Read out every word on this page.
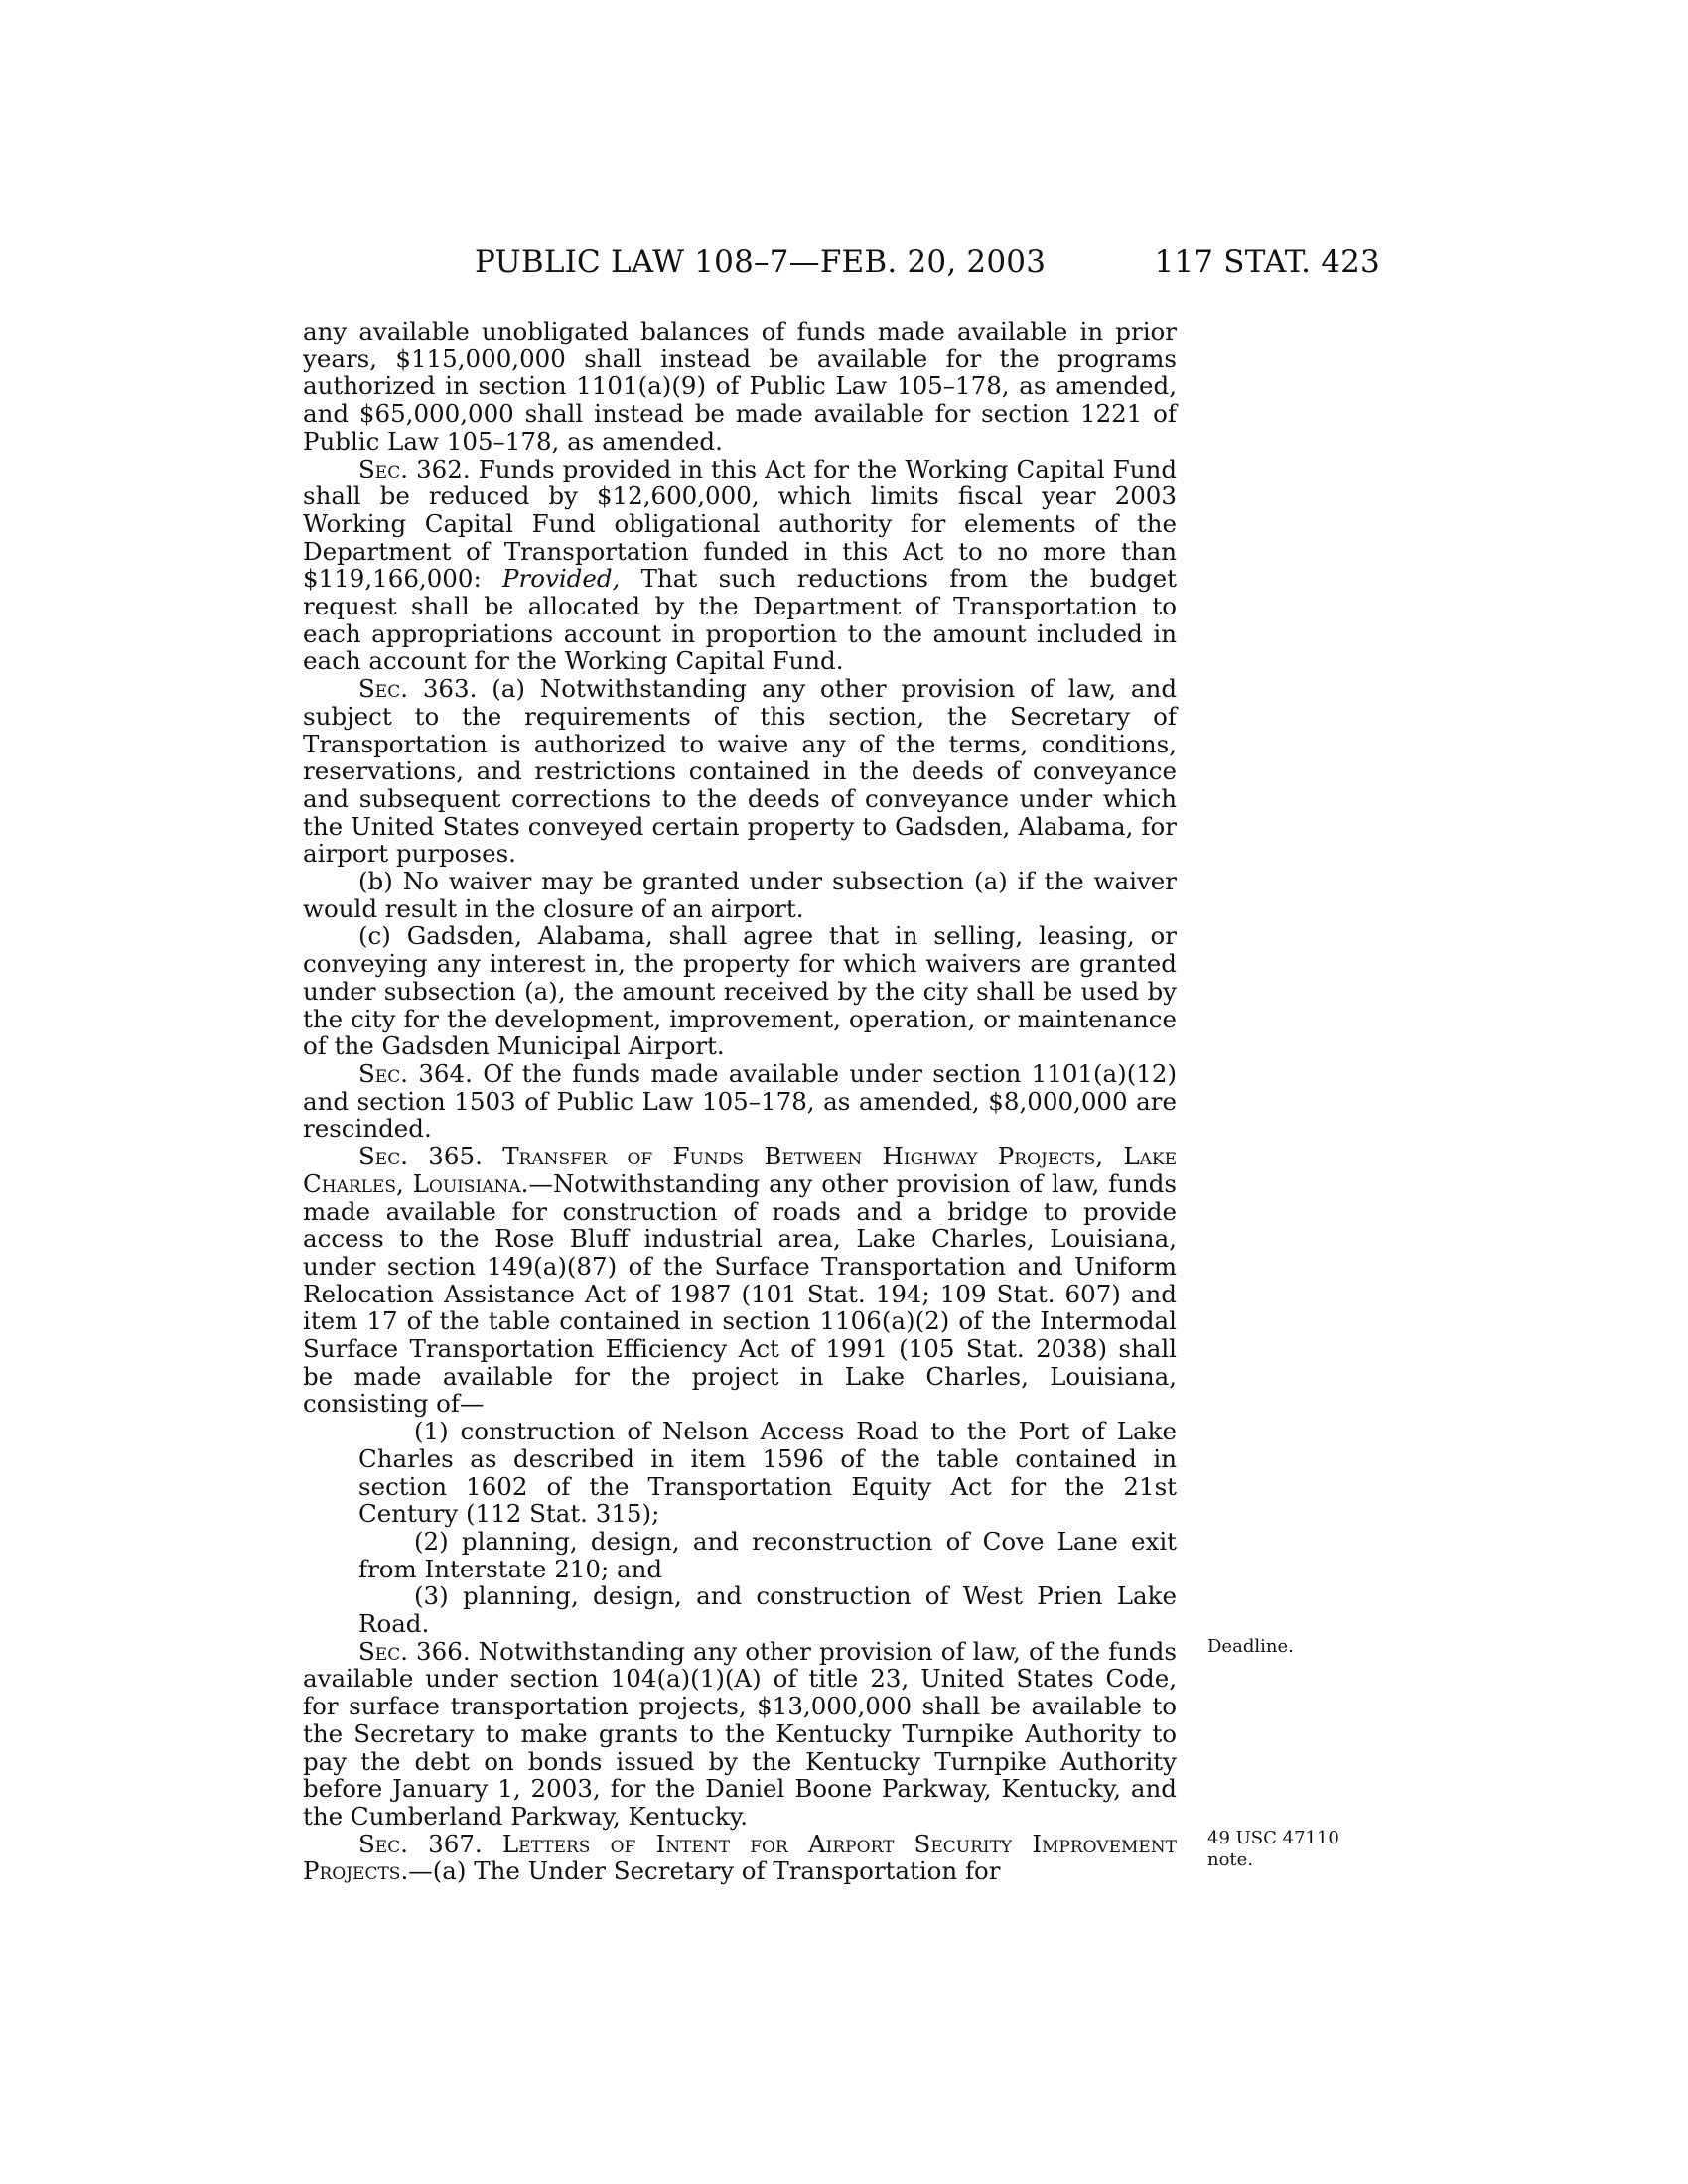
PUBLIC LAW 108–7—FEB. 20, 2003	117 STAT. 423

any available unobligated balances of funds made available in prior years, $115,000,000 shall instead be available for the programs authorized in section 1101(a)(9) of Public Law 105–178, as amended, and $65,000,000 shall instead be made available for section 1221 of Public Law 105–178, as amended.

Sec. 362. Funds provided in this Act for the Working Capital Fund shall be reduced by $12,600,000, which limits fiscal year 2003 Working Capital Fund obligational authority for elements of the Department of Transportation funded in this Act to no more than $119,166,000: Provided, That such reductions from the budget request shall be allocated by the Department of Transportation to each appropriations account in proportion to the amount included in each account for the Working Capital Fund.

Sec. 363. (a) Notwithstanding any other provision of law, and subject to the requirements of this section, the Secretary of Transportation is authorized to waive any of the terms, conditions, reservations, and restrictions contained in the deeds of conveyance and subsequent corrections to the deeds of conveyance under which the United States conveyed certain property to Gadsden, Alabama, for airport purposes.

(b) No waiver may be granted under subsection (a) if the waiver would result in the closure of an airport.

(c) Gadsden, Alabama, shall agree that in selling, leasing, or conveying any interest in, the property for which waivers are granted under subsection (a), the amount received by the city shall be used by the city for the development, improvement, operation, or maintenance of the Gadsden Municipal Airport.

Sec. 364. Of the funds made available under section 1101(a)(12) and section 1503 of Public Law 105–178, as amended, $8,000,000 are rescinded.

Sec. 365. Transfer of Funds Between Highway Projects, Lake Charles, Louisiana.—Notwithstanding any other provision of law, funds made available for construction of roads and a bridge to provide access to the Rose Bluff industrial area, Lake Charles, Louisiana, under section 149(a)(87) of the Surface Transportation and Uniform Relocation Assistance Act of 1987 (101 Stat. 194; 109 Stat. 607) and item 17 of the table contained in section 1106(a)(2) of the Intermodal Surface Transportation Efficiency Act of 1991 (105 Stat. 2038) shall be made available for the project in Lake Charles, Louisiana, consisting of—

(1) construction of Nelson Access Road to the Port of Lake Charles as described in item 1596 of the table contained in section 1602 of the Transportation Equity Act for the 21st Century (112 Stat. 315);

(2) planning, design, and reconstruction of Cove Lane exit from Interstate 210; and

(3) planning, design, and construction of West Prien Lake Road.

Sec. 366. Notwithstanding any other provision of law, of the funds available under section 104(a)(1)(A) of title 23, United States Code, for surface transportation projects, $13,000,000 shall be available to the Secretary to make grants to the Kentucky Turnpike Authority to pay the debt on bonds issued by the Kentucky Turnpike Authority before January 1, 2003, for the Daniel Boone Parkway, Kentucky, and the Cumberland Parkway, Kentucky.

Sec. 367. Letters of Intent for Airport Security Improvement Projects.—(a) The Under Secretary of Transportation for

Deadline.
49 USC 47110
note.
